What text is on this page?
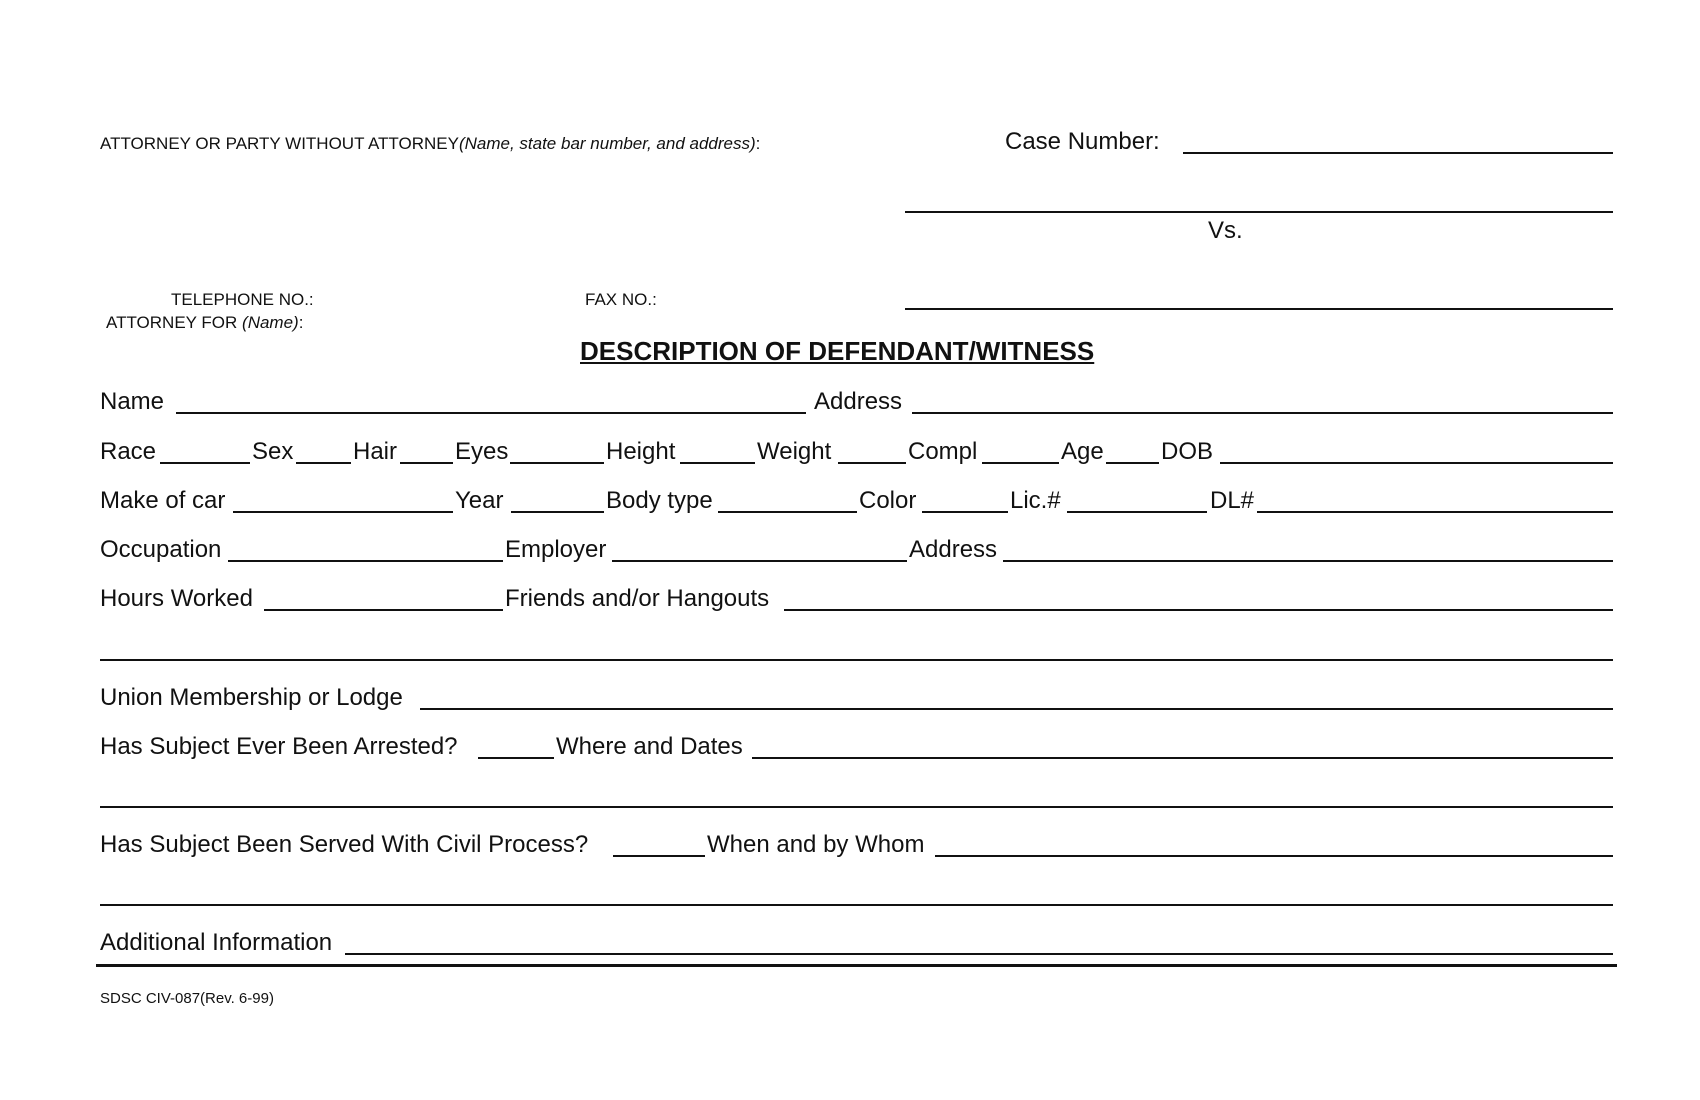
ATTORNEY OR PARTY WITHOUT ATTORNEY(Name, state bar number, and address):	Case Number:
Vs.
TELEPHONE NO.:	FAX NO.:
ATTORNEY FOR (Name):
DESCRIPTION OF DEFENDANT/WITNESS
Name	Address
Race	Sex Hair Eyes	Height	Weight	Compl	Age DOB
Make of car	Year	Body type	Color	Lic.#	DL#
Occupation	Employer	Address
Hours Worked	Friends and/or Hangouts
Union Membership or Lodge
Has Subject Ever Been Arrested?	Where and Dates
Has Subject Been Served With Civil Process?	When and by Whom
Additional Information
SDSC CIV-087(Rev. 6-99)
